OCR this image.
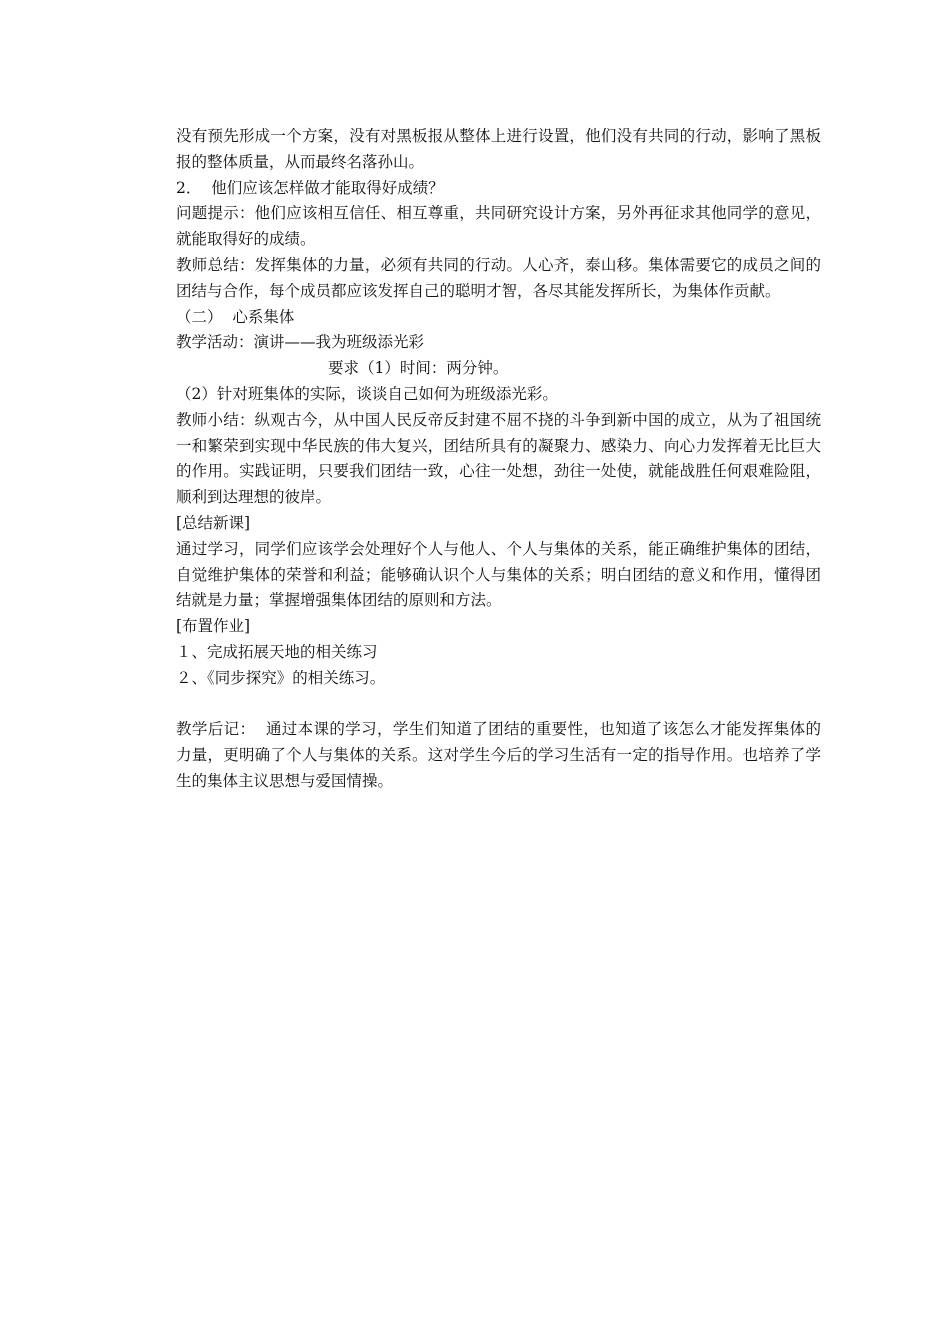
没有预先形成一个方案，没有对黑板报从整体上进行设置，他们没有共同的行动，影响了黑板报的整体质量，从而最终名落孙山。

2．  他们应该怎样做才能取得好成绩？

问题提示：他们应该相互信任、相互尊重，共同研究设计方案，另外再征求其他同学的意见，就能取得好的成绩。

教师总结：发挥集体的力量，必须有共同的行动。人心齐，泰山移。集体需要它的成员之间的团结与合作，每个成员都应该发挥自己的聪明才智，各尽其能发挥所长，为集体作贡献。

（二）  心系集体

教学活动：演讲——我为班级添光彩

要求（1）时间：两分钟。

（2）针对班集体的实际，谈谈自己如何为班级添光彩。

教师小结：纵观古今，从中国人民反帝反封建不屈不挠的斗争到新中国的成立，从为了祖国统一和繁荣到实现中华民族的伟大复兴，团结所具有的凝聚力、感染力、向心力发挥着无比巨大的作用。实践证明，只要我们团结一致，心往一处想，劲往一处使，就能战胜任何艰难险阻，顺利到达理想的彼岸。

[总结新课]

通过学习，同学们应该学会处理好个人与他人、个人与集体的关系，能正确维护集体的团结，自觉维护集体的荣誉和利益；能够确认识个人与集体的关系；明白团结的意义和作用，懂得团结就是力量；掌握增强集体团结的原则和方法。

[布置作业]

１、完成拓展天地的相关练习

２、《同步探究》的相关练习。

教学后记：  通过本课的学习，学生们知道了团结的重要性，也知道了该怎么才能发挥集体的力量，更明确了个人与集体的关系。这对学生今后的学习生活有一定的指导作用。也培养了学生的集体主议思想与爱国情操。
